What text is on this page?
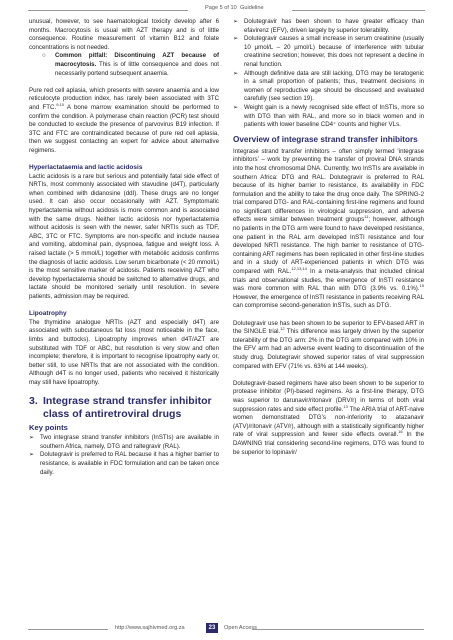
Page 5 of 10 Guideline

unusual, however, to see haematological toxicity develop after 6 months. Macrocytosis is usual with AZT therapy and is of little consequence. Routine measurement of vitamin B12 and folate concentrations is not needed.

○ Common pitfall: Discontinuing AZT because of macrocytosis. This is of little consequence and does not necessarily portend subsequent anaemia.

Pure red cell aplasia, which presents with severe anaemia and a low reticulocyte production index, has rarely been associated with 3TC and FTC.$^{9,10}$ A bone marrow examination should be performed to confirm the condition. A polymerase chain reaction (PCR) test should be conducted to exclude the presence of parvovirus B19 infection. If 3TC and FTC are contraindicated because of pure red cell aplasia, then we suggest contacting an expert for advice about alternative regimens.

Hyperlactataemia and lactic acidosis

Lactic acidosis is a rare but serious and potentially fatal side effect of NRTIs, most commonly associated with stavudine (d4T), particularly when combined with didanosine (ddI). These drugs are no longer used. It can also occur occasionally with AZT. Symptomatic hyperlactatemia without acidosis is more common and is associated with the same drugs. Neither lactic acidosis nor hyperlactatemia without acidosis is seen with the newer, safer NRTIs such as TDF, ABC, 3TC or FTC. Symptoms are non-specific and include nausea and vomiting, abdominal pain, dyspnoea, fatigue and weight loss. A raised lactate (> 5 mmol/L) together with metabolic acidosis confirms the diagnosis of lactic acidosis. Low serum bicarbonate (< 20 mmol/L) is the most sensitive marker of acidosis. Patients receiving AZT who develop hyperlactatemia should be switched to alternative drugs, and lactate should be monitored serially until resolution. In severe patients, admission may be required.

Lipoatrophy

The thymidine analogue NRTIs (AZT and especially d4T) are associated with subcutaneous fat loss (most noticeable in the face, limbs and buttocks). Lipoatrophy improves when d4T/AZT are substituted with TDF or ABC, but resolution is very slow and often incomplete; therefore, it is important to recognise lipoatrophy early or, better still, to use NRTIs that are not associated with the condition. Although d4T is no longer used, patients who received it historically may still have lipoatrophy.

3. Integrase strand transfer inhibitor
class of antiretroviral drugs
Key points
➢ Two integrase strand transfer inhibitors (InSTIs) are available in southern Africa, namely, DTG and raltegravir (RAL).
➢ Dolutegravir is preferred to RAL because it has a higher barrier to resistance, is available in FDC formulation and can be taken once daily.
➢ Dolutegravir has been shown to have greater efficacy than efavirenz (EFV), driven largely by superior tolerability.
➢ Dolutegravir causes a small increase in serum creatinine (usually 10 µmol/L – 20 µmol/L) because of interference with tubular creatinine secretion; however, this does not represent a decline in renal function.
➢ Although definitive data are still lacking, DTG may be teratogenic in a small proportion of patients; thus, treatment decisions in women of reproductive age should be discussed and evaluated carefully (see section 19).
➢ Weight gain is a newly recognised side effect of InSTIs, more so with DTG than with RAL, and more so in black women and in patients with lower baseline CD4⁺ counts and higher VLs.
Overview of integrase strand transfer inhibitors

Integrase strand transfer inhibitors – often simply termed ‘integrase inhibitors’ – work by preventing the transfer of proviral DNA strands into the host chromosomal DNA. Currently, two InSTIs are available in southern Africa: DTG and RAL. Dolutegravir is preferred to RAL because of its higher barrier to resistance, its availability in FDC formulation and the ability to take the drug once daily. The SPRING-2 trial compared DTG- and RAL-containing first-line regimens and found no significant differences in virological suppression, and adverse effects were similar between treatment groups$^{11}$; however, although no patients in the DTG arm were found to have developed resistance, one patient in the RAL arm developed InSTI resistance and four developed NRTI resistance. The high barrier to resistance of DTG-containing ART regimens has been replicated in other first-line studies and in a study of ART-experienced patients in which DTG was compared with RAL.$^{12,13,14}$ In a meta-analysis that included clinical trials and observational studies, the emergence of InSTI resistance was more common with RAL than with DTG (3.9% vs. 0.1%).$^{15}$ However, the emergence of InSTI resistance in patients receiving RAL can compromise second-generation InSTIs, such as DTG.

Dolutegravir use has been shown to be superior to EFV-based ART in the SINGLE trial.$^{12}$ This difference was largely driven by the superior tolerability of the DTG arm: 2% in the DTG arm compared with 10% in the EFV arm had an adverse event leading to discontinuation of the study drug. Dolutegravir showed superior rates of viral suppression compared with EFV (71% vs. 63% at 144 weeks).

Dolutegravir-based regimens have also been shown to be superior to protease inhibitor (PI)-based regimens. As a first-line therapy, DTG was superior to darunavir/ritonavir (DRV/r) in terms of both viral suppression rates and side effect profile.$^{13}$ The ARIA trial of ART-naive women demonstrated DTG’s non-inferiority to atazanavir (ATV)/ritonavir (ATV/r), although with a statistically significantly higher rate of viral suppression and fewer side effects overall.$^{16}$ In the DAWNING trial considering second-line regimens, DTG was found to be superior to lopinavir/

http://www.sajhivmed.org.za	23	Open Access
